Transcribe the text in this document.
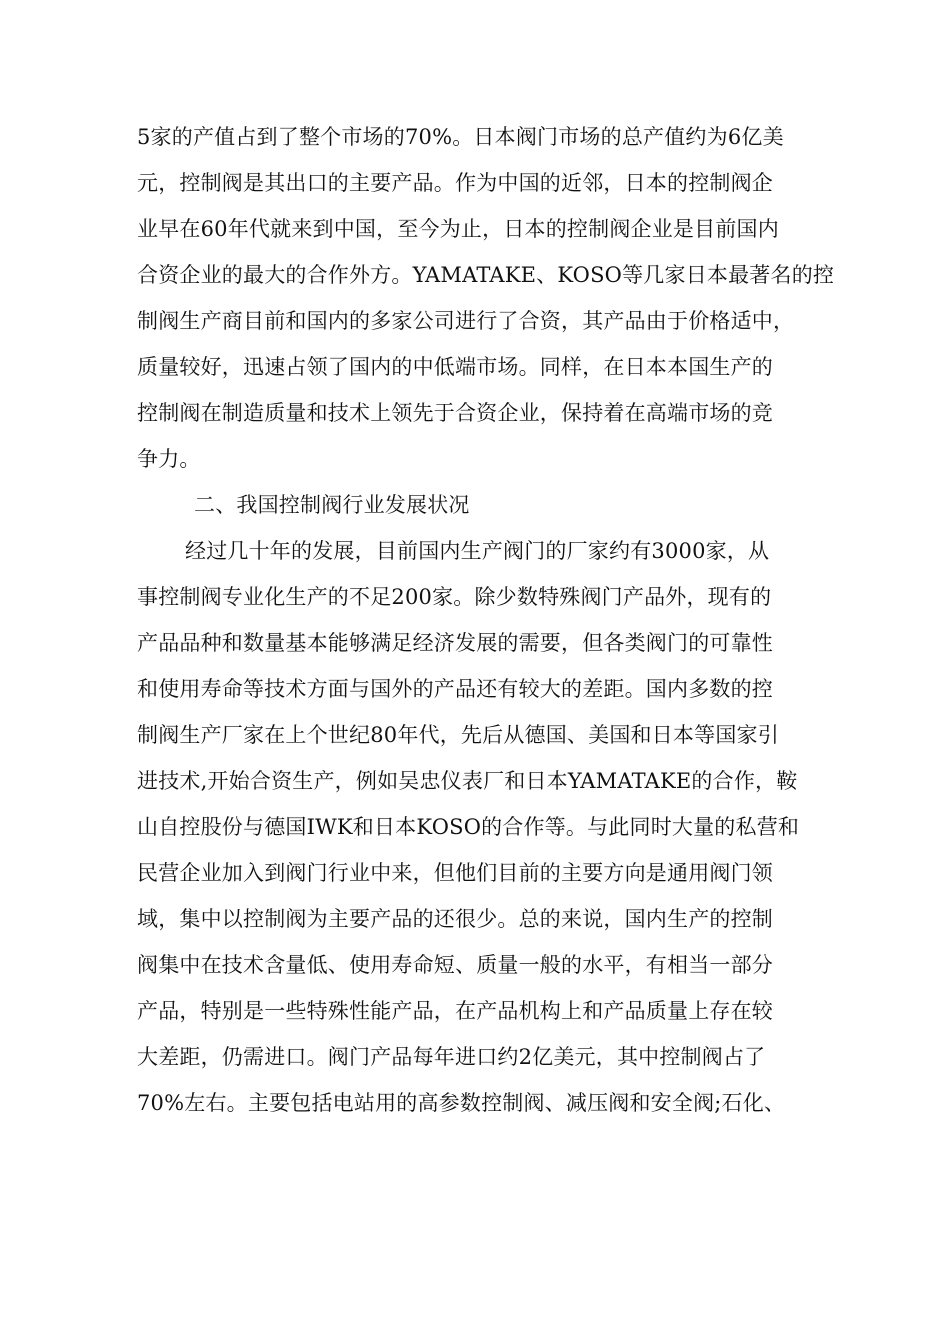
5家的产值占到了整个市场的70%。日本阀门市场的总产值约为6亿美
元，控制阀是其出口的主要产品。作为中国的近邻，日本的控制阀企
业早在60年代就来到中国，至今为止，日本的控制阀企业是目前国内
合资企业的最大的合作外方。YAMATAKE、KOSO等几家日本最著名的控
制阀生产商目前和国内的多家公司进行了合资，其产品由于价格适中，
质量较好，迅速占领了国内的中低端市场。同样，在日本本国生产的
控制阀在制造质量和技术上领先于合资企业，保持着在高端市场的竞
争力。
二、我国控制阀行业发展状况
经过几十年的发展，目前国内生产阀门的厂家约有3000家，从
事控制阀专业化生产的不足200家。除少数特殊阀门产品外，现有的
产品品种和数量基本能够满足经济发展的需要，但各类阀门的可靠性
和使用寿命等技术方面与国外的产品还有较大的差距。国内多数的控
制阀生产厂家在上个世纪80年代，先后从德国、美国和日本等国家引
进技术,开始合资生产，例如吴忠仪表厂和日本YAMATAKE的合作，鞍
山自控股份与德国IWK和日本KOSO的合作等。与此同时大量的私营和
民营企业加入到阀门行业中来，但他们目前的主要方向是通用阀门领
域，集中以控制阀为主要产品的还很少。总的来说，国内生产的控制
阀集中在技术含量低、使用寿命短、质量一般的水平，有相当一部分
产品，特别是一些特殊性能产品，在产品机构上和产品质量上存在较
大差距，仍需进口。阀门产品每年进口约2亿美元，其中控制阀占了
70%左右。主要包括电站用的高参数控制阀、减压阀和安全阀;石化、
